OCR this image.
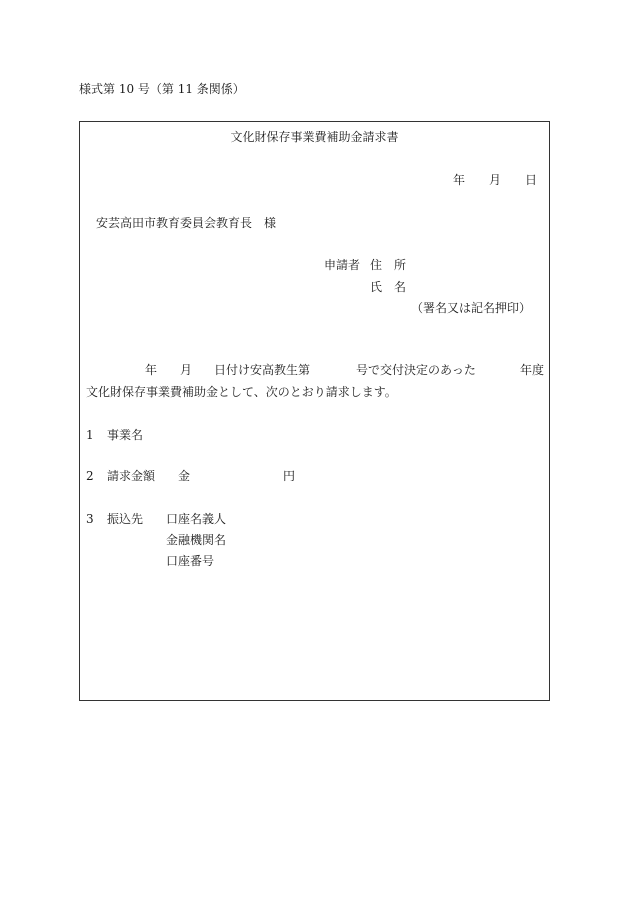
様式第 10 号（第 11 条関係）
文化財保存事業費補助金請求書
年 月 日
安芸高田市教育委員会教育長　様
申請者 住　所
氏　名
（署名又は記名押印）
年 月 日付け安高教生第	号で交付決定のあった	年度
文化財保存事業費補助金として、次のとおり請求します。
1 事業名
2 請求金額 金	円
3 振込先 口座名義人
金融機関名
口座番号
